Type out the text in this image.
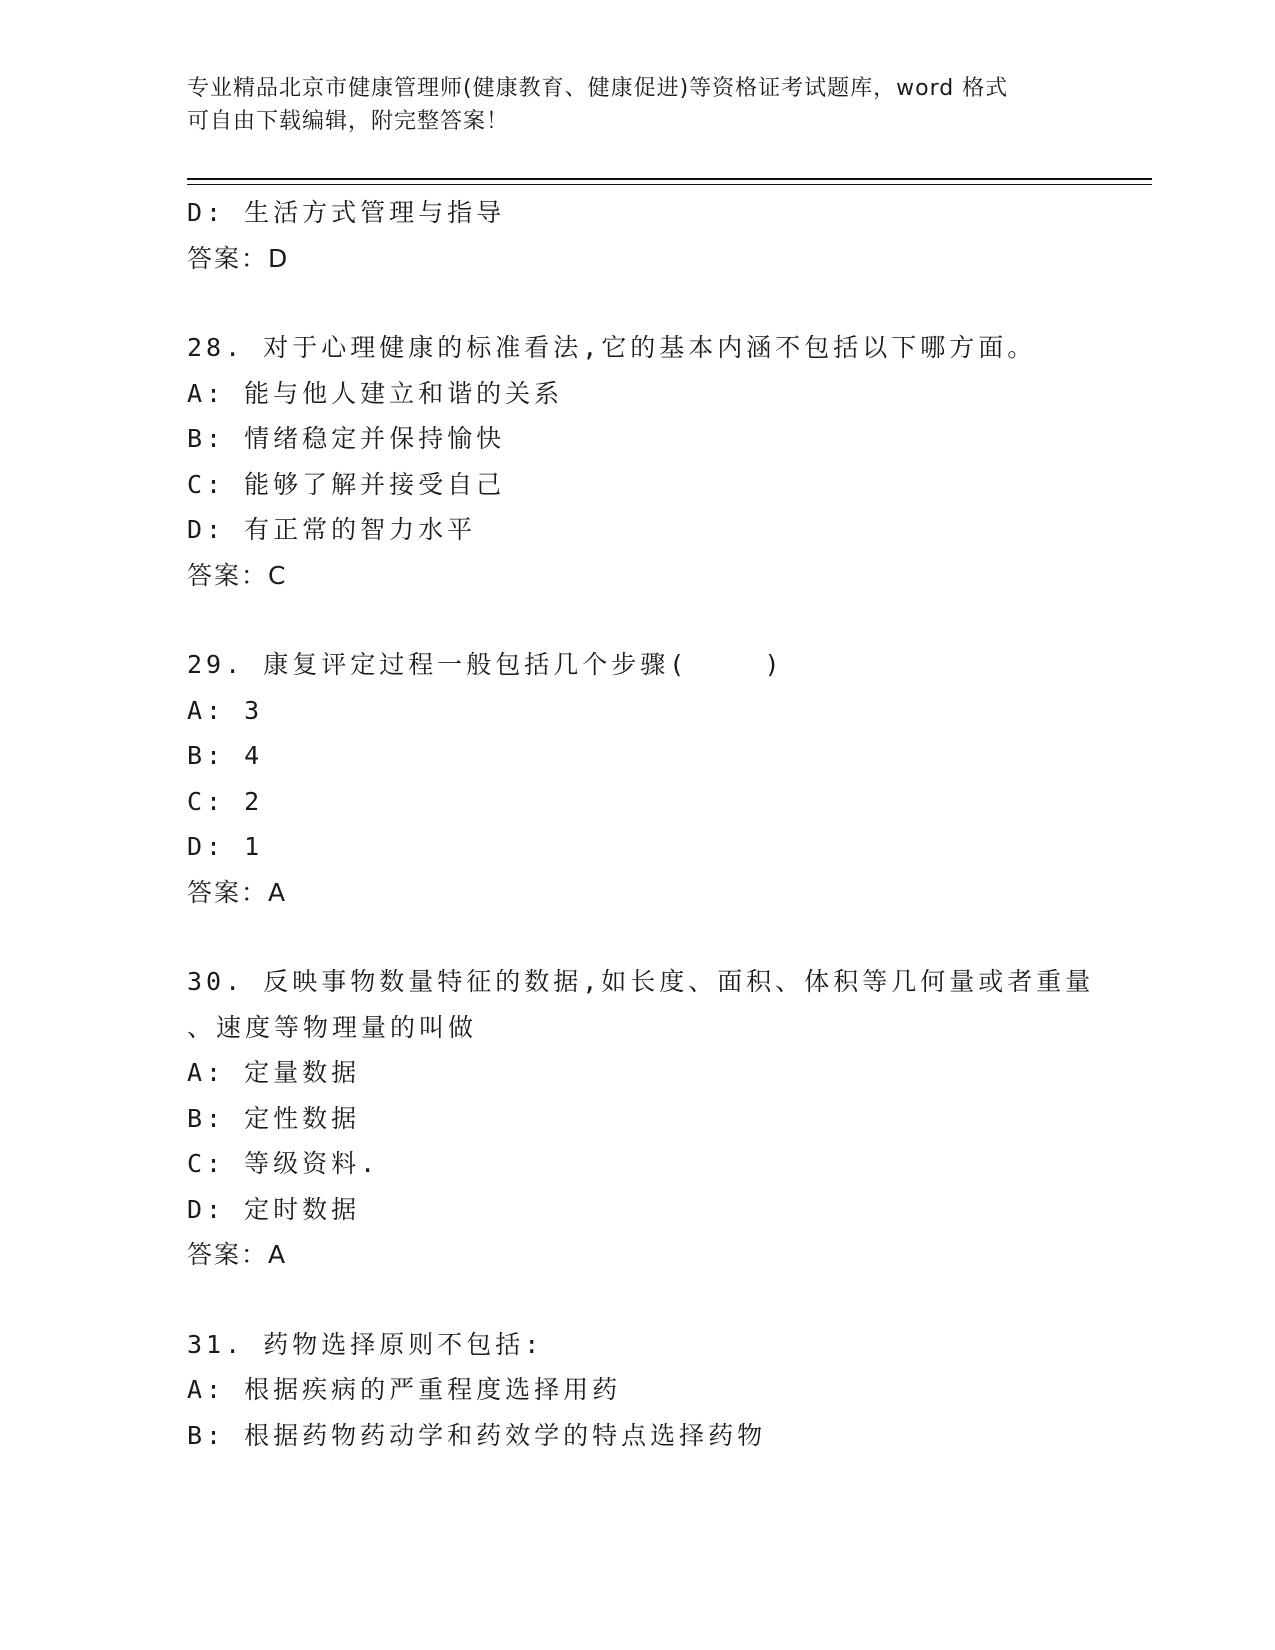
专业精品北京市健康管理师(健康教育、健康促进)等资格证考试题库，word 格式
可自由下载编辑，附完整答案！
D: 生活方式管理与指导
答案：D
28. 对于心理健康的标准看法,它的基本内涵不包括以下哪方面。
A: 能与他人建立和谐的关系
B: 情绪稳定并保持愉快
C: 能够了解并接受自己
D: 有正常的智力水平
答案：C
29. 康复评定过程一般包括几个步骤(    )
A: 3
B: 4
C: 2
D: 1
答案：A
30. 反映事物数量特征的数据,如长度、面积、体积等几何量或者重量
、速度等物理量的叫做
A: 定量数据
B: 定性数据
C: 等级资料.
D: 定时数据
答案：A
31. 药物选择原则不包括:
A: 根据疾病的严重程度选择用药
B: 根据药物药动学和药效学的特点选择药物
